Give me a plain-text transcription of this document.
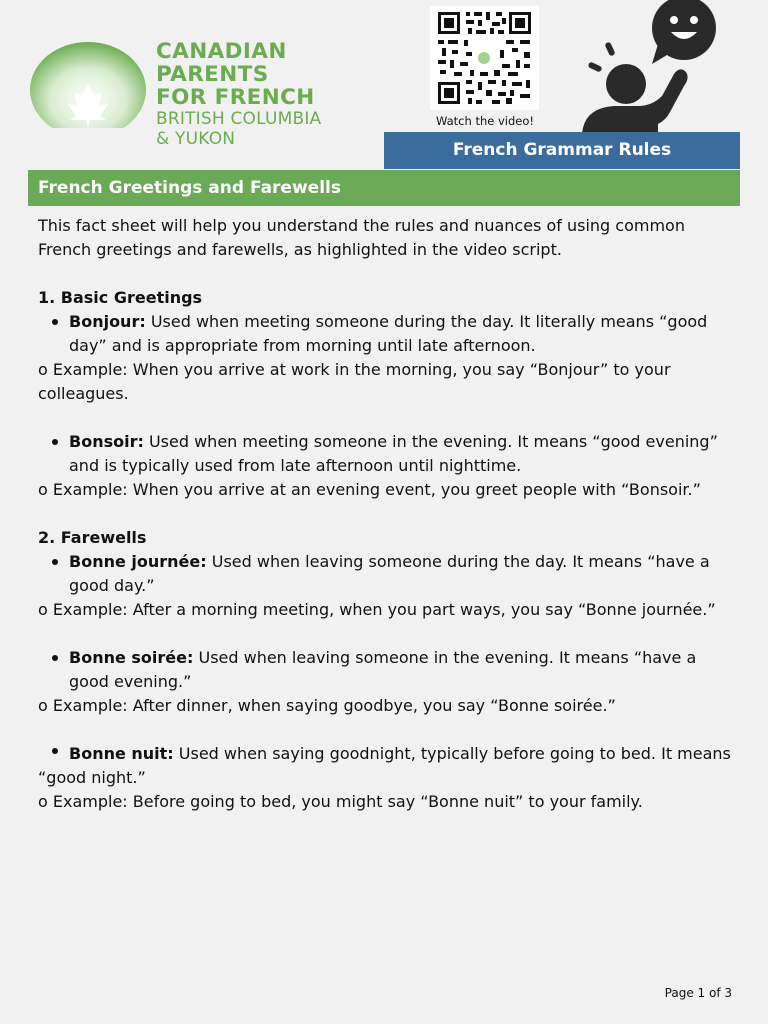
CANADIAN
PARENTS
FOR FRENCH
BRITISH COLUMBIA
& YUKON
Watch the video!
French Grammar Rules
French Greetings and Farewells

This fact sheet will help you understand the rules and nuances of using common French greetings and farewells, as highlighted in the video script.

1. Basic Greetings

Bonjour: Used when meeting someone during the day. It literally means “good day” and is appropriate from morning until late afternoon.

o Example: When you arrive at work in the morning, you say “Bonjour” to your colleagues.

Bonsoir: Used when meeting someone in the evening. It means “good evening” and is typically used from late afternoon until nighttime.

o Example: When you arrive at an evening event, you greet people with “Bonsoir.”

2. Farewells

Bonne journée: Used when leaving someone during the day. It means “have a good day.”

o Example: After a morning meeting, when you part ways, you say “Bonne journée.”

Bonne soirée: Used when leaving someone in the evening. It means “have a good evening.”

o Example: After dinner, when saying goodbye, you say “Bonne soirée.”

Bonne nuit: Used when saying goodnight, typically before going to bed. It means “good night.”

o Example: Before going to bed, you might say “Bonne nuit” to your family.

Page 1 of 3
